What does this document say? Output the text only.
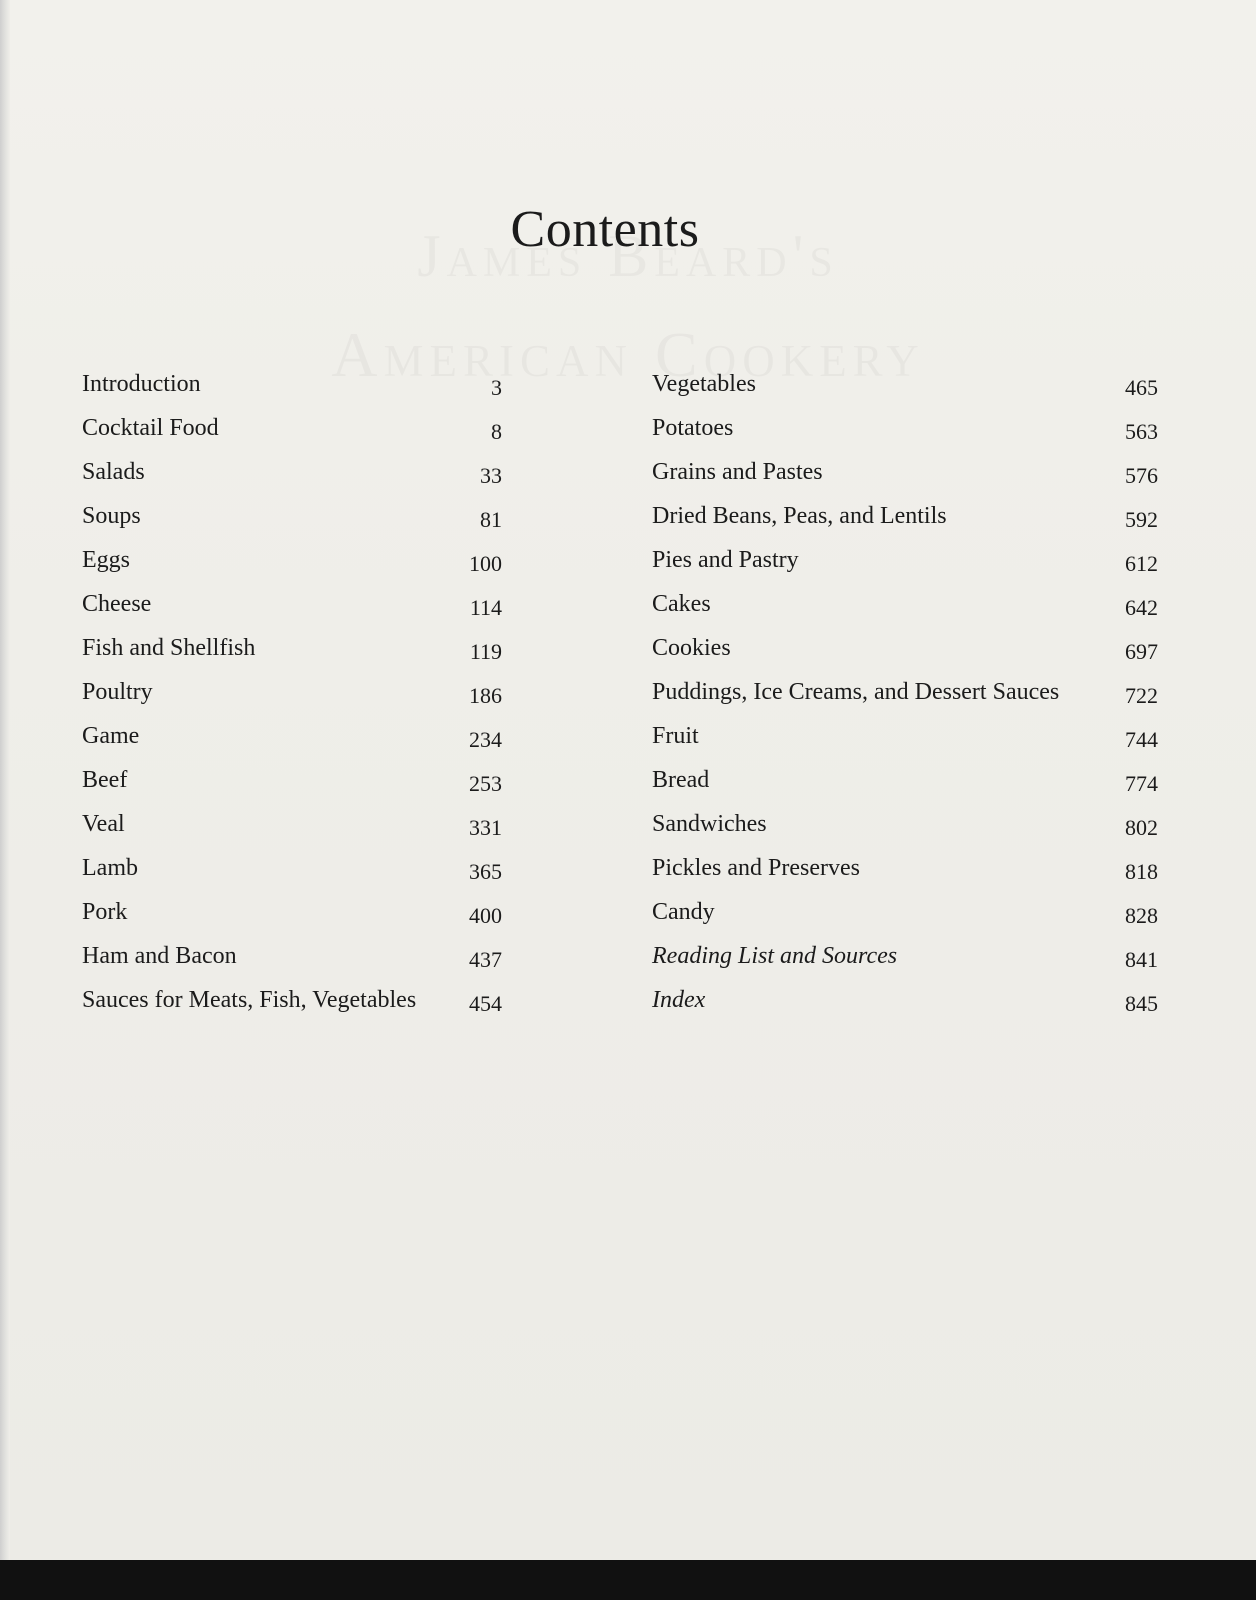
Contents
Introduction	3
Cocktail Food	8
Salads	33
Soups	81
Eggs	100
Cheese	114
Fish and Shellfish	119
Poultry	186
Game	234
Beef	253
Veal	331
Lamb	365
Pork	400
Ham and Bacon	437
Sauces for Meats, Fish, Vegetables 454
Vegetables	465
Potatoes	563
Grains and Pastes	576
Dried Beans, Peas, and Lentils	592
Pies and Pastry	612
Cakes	642
Cookies	697
Puddings, Ice Creams, and Dessert Sauces	722
Fruit	744
Bread	774
Sandwiches	802
Pickles and Preserves	818
Candy	828
Reading List and Sources	841
Index	845
